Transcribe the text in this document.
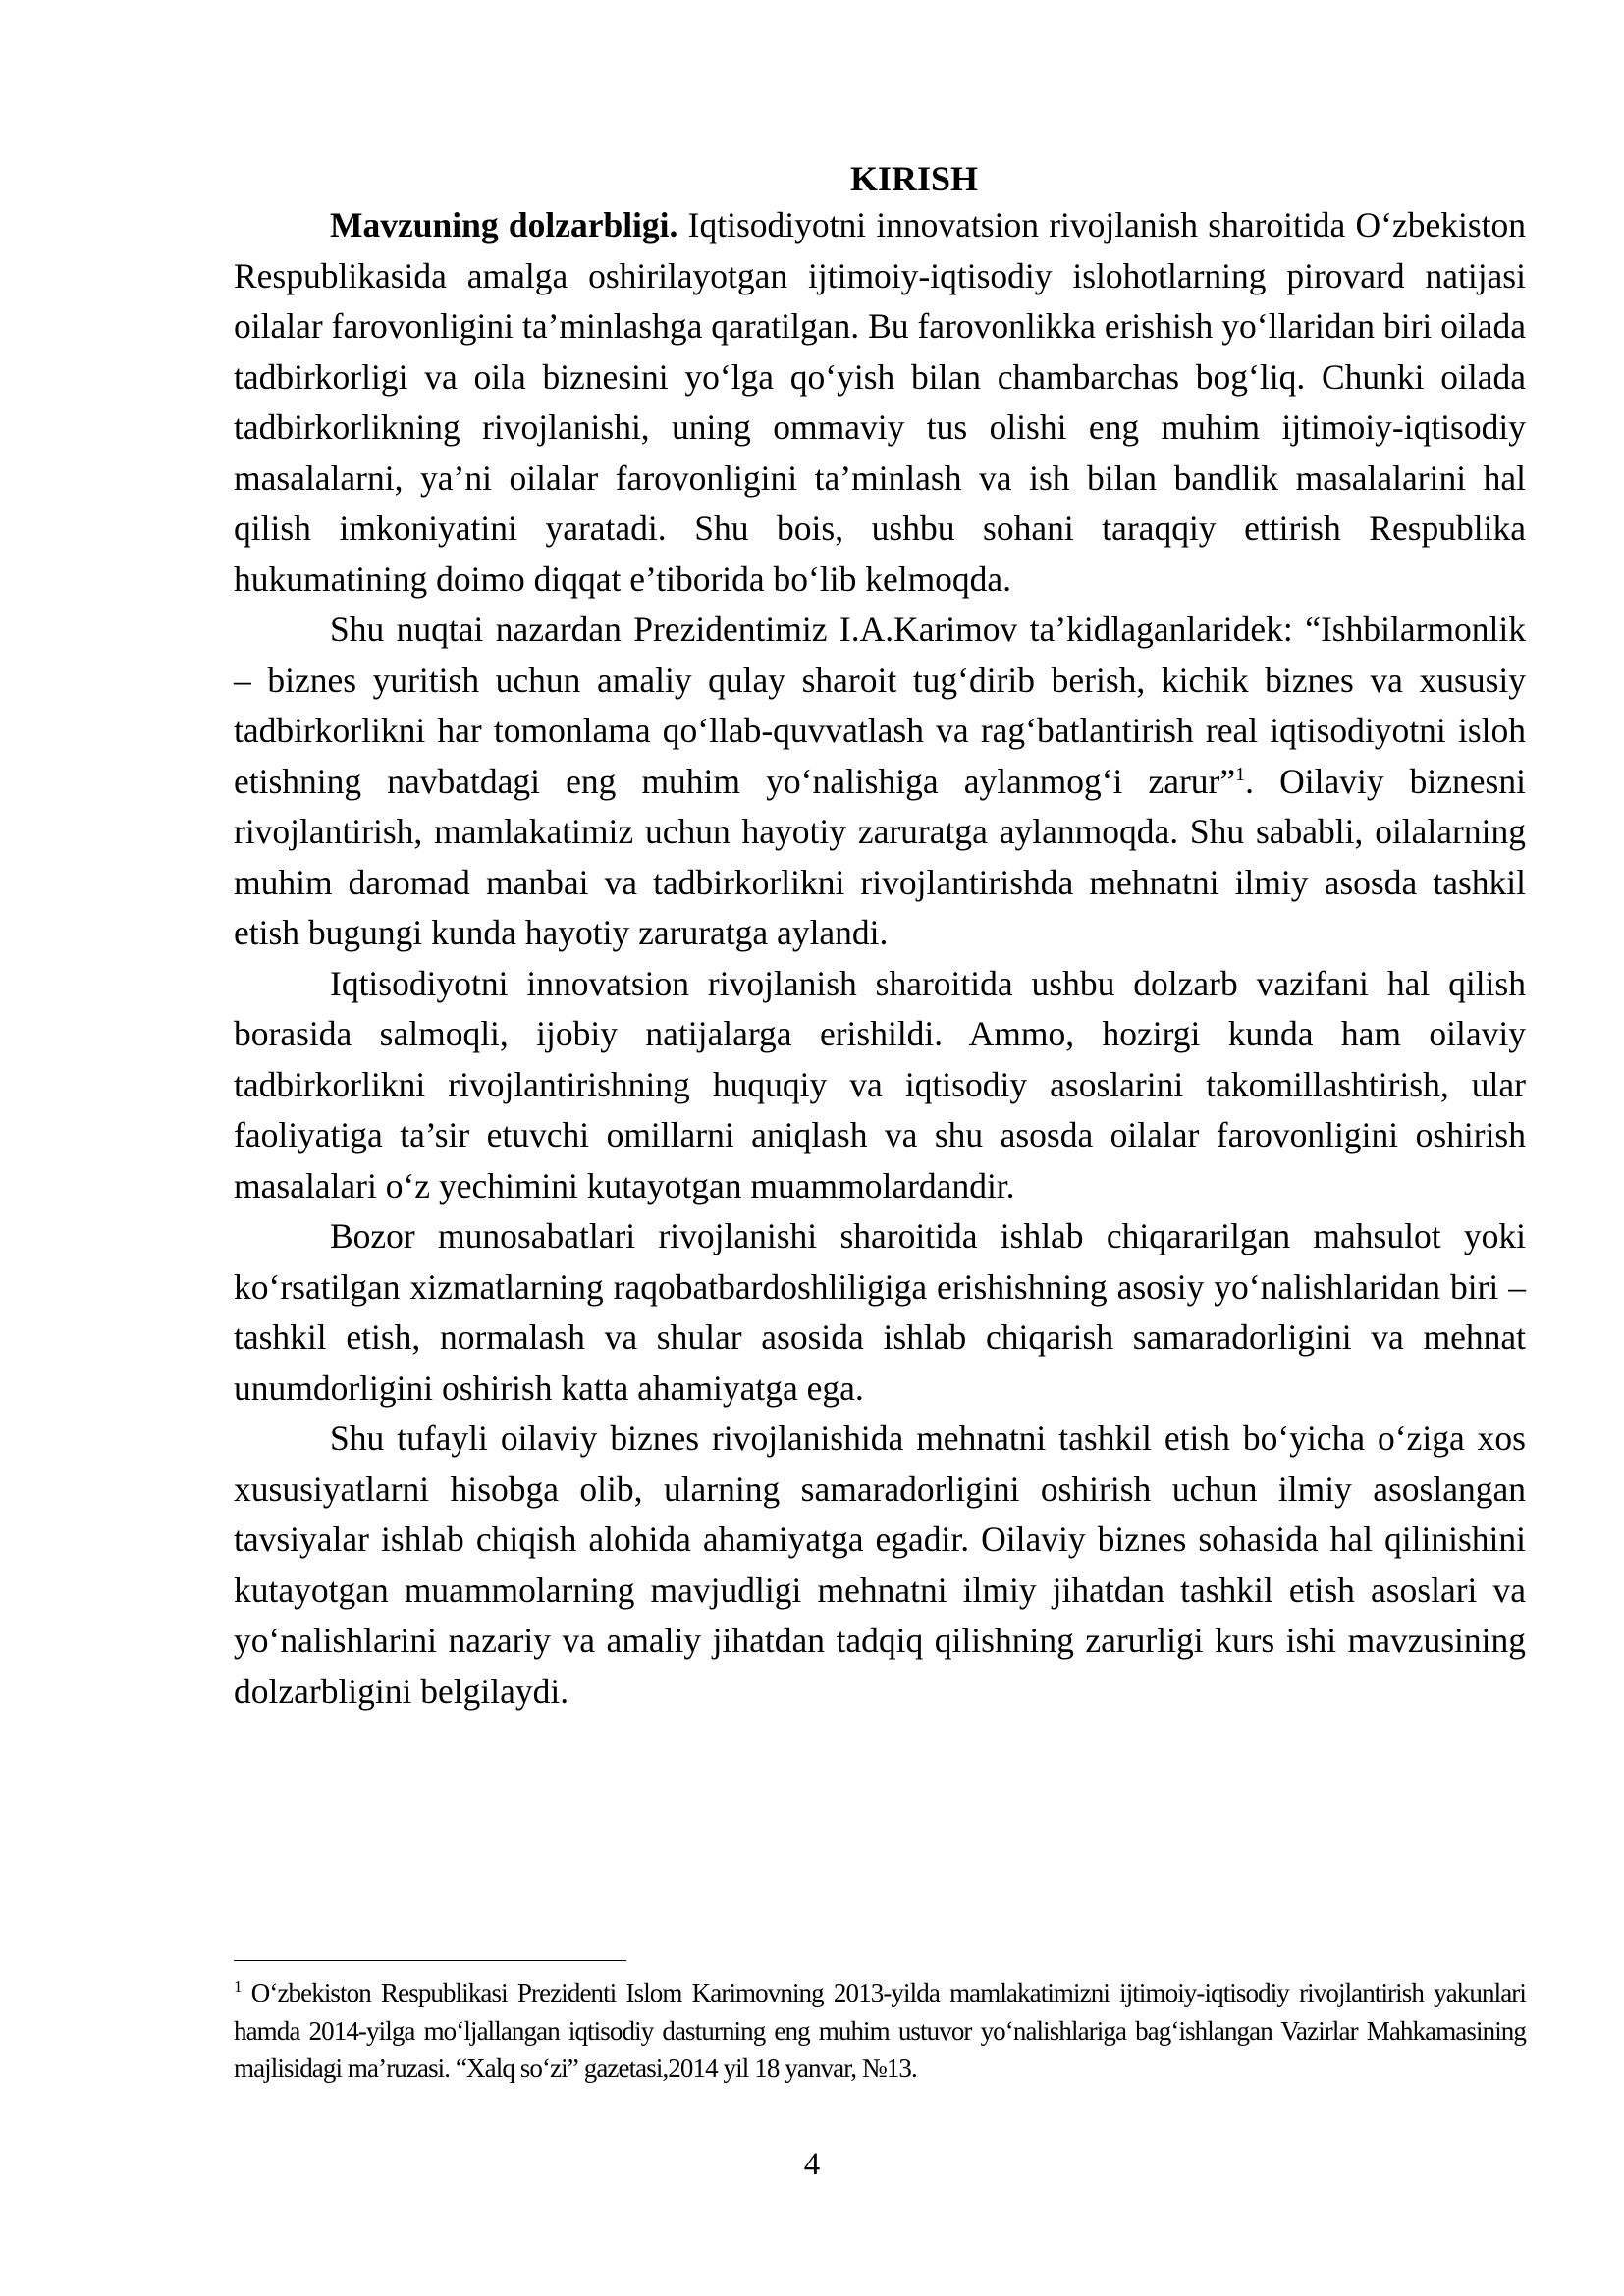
KIRISH

Mavzuning dolzarbligi. Iqtisodiyotni innovatsion rivojlanish sharoitida O‘zbekiston Respublikasida amalga oshirilayotgan ijtimoiy-iqtisodiy islohotlarning pirovard natijasi oilalar farovonligini ta’minlashga qaratilgan. Bu farovonlikka erishish yo‘llaridan biri oilada tadbirkorligi va oila biznesini yo‘lga qo‘yish bilan chambarchas bog‘liq. Chunki oilada tadbirkorlikning rivojlanishi, uning ommaviy tus olishi eng muhim ijtimoiy-iqtisodiy masalalarni, ya’ni oilalar farovonligini ta’minlash va ish bilan bandlik masalalarini hal qilish imkoniyatini yaratadi. Shu bois, ushbu sohani taraqqiy ettirish Respublika hukumatining doimo diqqat e’tiborida bo‘lib kelmoqda.

Shu nuqtai nazardan Prezidentimiz I.A.Karimov ta’kidlaganlaridek: “Ishbilarmonlik – biznes yuritish uchun amaliy qulay sharoit tug‘dirib berish, kichik biznes va xususiy tadbirkorlikni har tomonlama qo‘llab-quvvatlash va rag‘batlantirish real iqtisodiyotni isloh etishning navbatdagi eng muhim yo‘nalishiga aylanmog‘i zarur”$^1$. Oilaviy biznesni rivojlantirish, mamlakatimiz uchun hayotiy zaruratga aylanmoqda. Shu sababli, oilalarning muhim daromad manbai va tadbirkorlikni rivojlantirishda mehnatni ilmiy asosda tashkil etish bugungi kunda hayotiy zaruratga aylandi.

Iqtisodiyotni innovatsion rivojlanish sharoitida ushbu dolzarb vazifani hal qilish borasida salmoqli, ijobiy natijalarga erishildi. Ammo, hozirgi kunda ham oilaviy tadbirkorlikni rivojlantirishning huquqiy va iqtisodiy asoslarini takomillashtirish, ular faoliyatiga ta’sir etuvchi omillarni aniqlash va shu asosda oilalar farovonligini oshirish masalalari o‘z yechimini kutayotgan muammolardandir.

Bozor munosabatlari rivojlanishi sharoitida ishlab chiqararilgan mahsulot yoki ko‘rsatilgan xizmatlarning raqobatbardoshliligiga erishishning asosiy yo‘nalishlaridan biri – tashkil etish, normalash va shular asosida ishlab chiqarish samaradorligini va mehnat unumdorligini oshirish katta ahamiyatga ega.

Shu tufayli oilaviy biznes rivojlanishida mehnatni tashkil etish bo‘yicha o‘ziga xos xususiyatlarni hisobga olib, ularning samaradorligini oshirish uchun ilmiy asoslangan tavsiyalar ishlab chiqish alohida ahamiyatga egadir. Oilaviy biznes sohasida hal qilinishini kutayotgan muammolarning mavjudligi mehnatni ilmiy jihatdan tashkil etish asoslari va yo‘nalishlarini nazariy va amaliy jihatdan tadqiq qilishning zarurligi kurs ishi mavzusining dolzarbligini belgilaydi.

$^1$ O‘zbekiston Respublikasi Prezidenti Islom Karimovning 2013-yilda mamlakatimizni ijtimoiy-iqtisodiy rivojlantirish yakunlari hamda 2014-yilga mo‘ljallangan iqtisodiy dasturning eng muhim ustuvor yo‘nalishlariga bag‘ishlangan Vazirlar Mahkamasining majlisidagi ma’ruzasi. “Xalq so‘zi” gazetasi,2014 yil 18 yanvar, №13.

4
